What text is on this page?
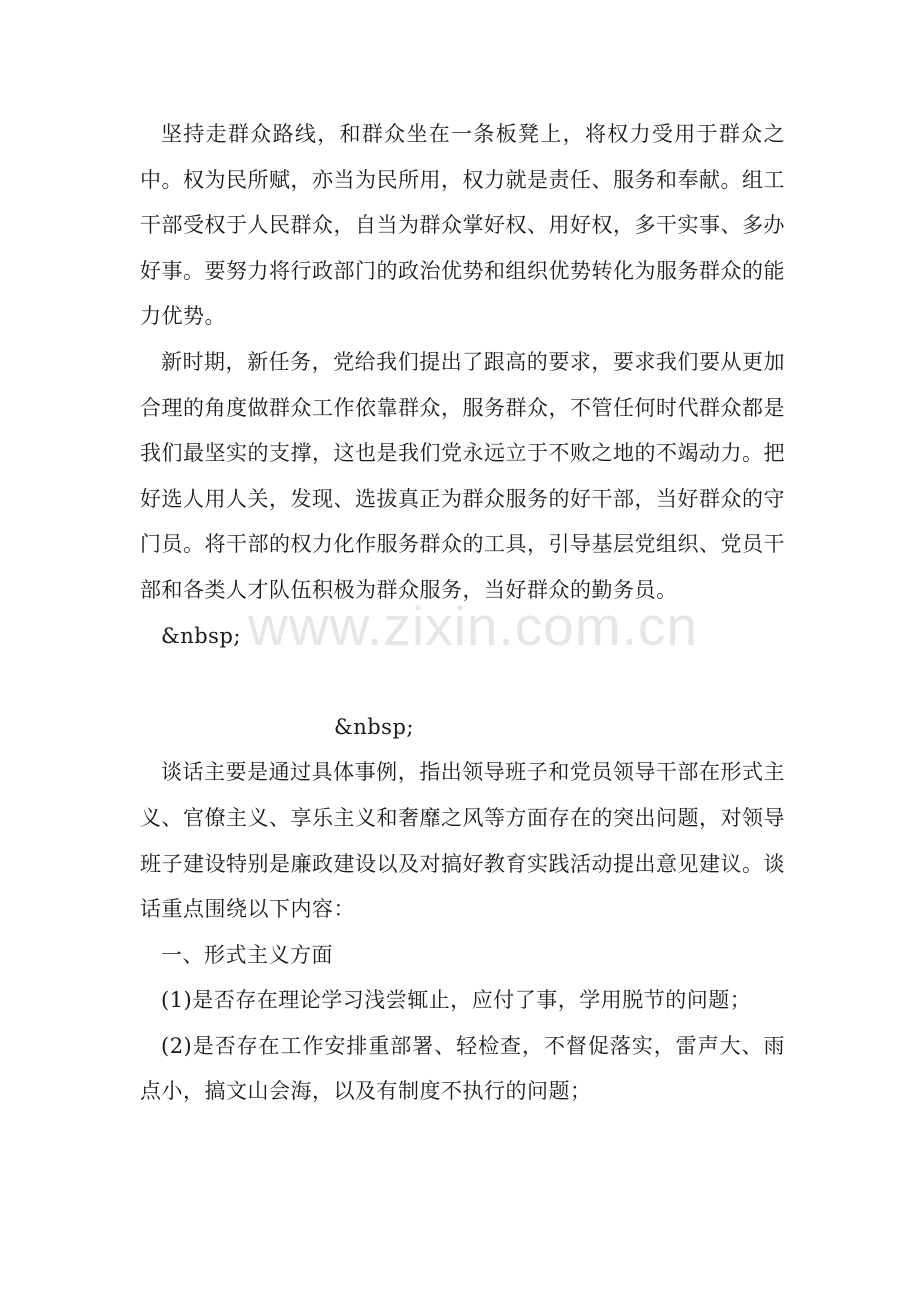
www.zixin.com.cn

坚持走群众路线，和群众坐在一条板凳上，将权力受用于群众之中。权为民所赋，亦当为民所用，权力就是责任、服务和奉献。组工干部受权于人民群众，自当为群众掌好权、用好权，多干实事、多办好事。要努力将行政部门的政治优势和组织优势转化为服务群众的能力优势。

新时期，新任务，党给我们提出了跟高的要求，要求我们要从更加合理的角度做群众工作依靠群众，服务群众，不管任何时代群众都是我们最坚实的支撑，这也是我们党永远立于不败之地的不竭动力。把好选人用人关，发现、选拔真正为群众服务的好干部，当好群众的守门员。将干部的权力化作服务群众的工具，引导基层党组织、党员干部和各类人才队伍积极为群众服务，当好群众的勤务员。

&nbsp;

&nbsp;

谈话主要是通过具体事例，指出领导班子和党员领导干部在形式主义、官僚主义、享乐主义和奢靡之风等方面存在的突出问题，对领导班子建设特别是廉政建设以及对搞好教育实践活动提出意见建议。谈话重点围绕以下内容：

一、形式主义方面

(1)是否存在理论学习浅尝辄止，应付了事，学用脱节的问题；

(2)是否存在工作安排重部署、轻检查，不督促落实，雷声大、雨点小，搞文山会海，以及有制度不执行的问题；
